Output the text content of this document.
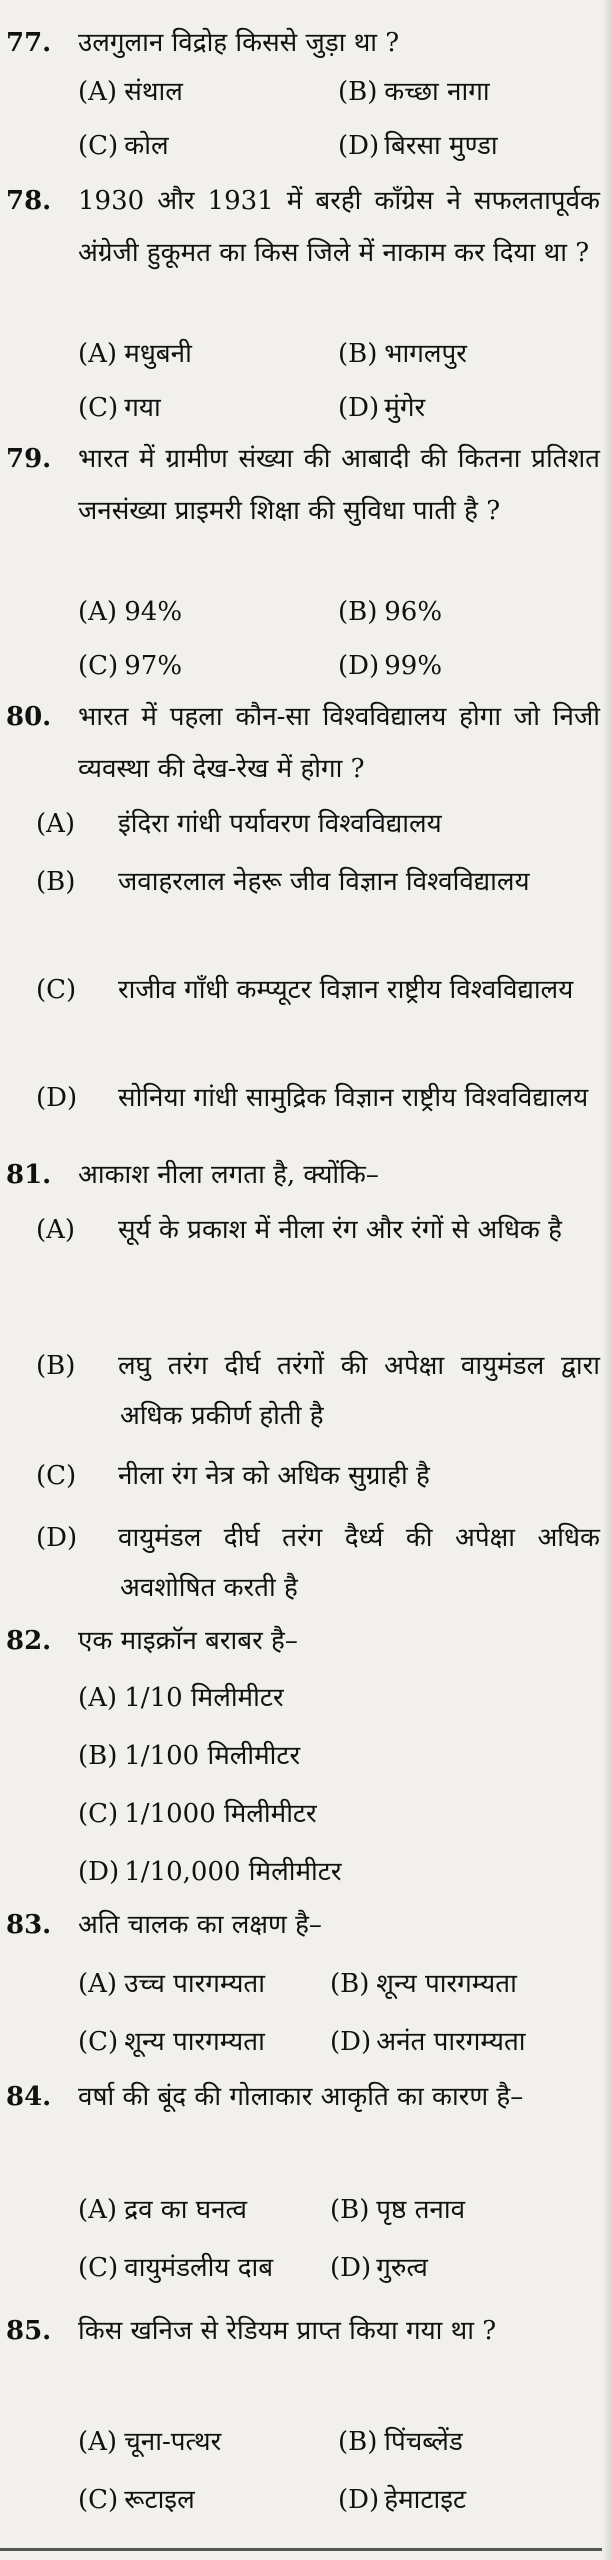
77. उलगुलान विद्रोह किससे जुड़ा था ?
(A) संथाल	(B) कच्छा नागा
(C) कोल	(D) बिरसा मुण्डा
78. 1930 और 1931 में बरही कॉंग्रेस ने सफलतापूर्वक अंग्रेजी हुकूमत का किस जिले में नाकाम कर दिया था ?
(A) मधुबनी	(B) भागलपुर
(C) गया	(D) मुंगेर
79. भारत में ग्रामीण संख्या की आबादी की कितना प्रतिशत जनसंख्या प्राइमरी शिक्षा की सुविधा पाती है ?
(A) 94%	(B) 96%
(C) 97%	(D) 99%
80. भारत में पहला कौन-सा विश्वविद्यालय होगा जो निजी व्यवस्था की देख-रेख में होगा ?
(A) इंदिरा गांधी पर्यावरण विश्वविद्यालय
(B) जवाहरलाल नेहरू जीव विज्ञान विश्वविद्यालय
(C) राजीव गाँधी कम्प्यूटर विज्ञान राष्ट्रीय विश्वविद्यालय
(D) सोनिया गांधी सामुद्रिक विज्ञान राष्ट्रीय विश्वविद्यालय
81. आकाश नीला लगता है, क्योंकि–
(A) सूर्य के प्रकाश में नीला रंग और रंगों से अधिक है
(B) लघु तरंग दीर्घ तरंगों की अपेक्षा वायुमंडल द्वारा अधिक प्रकीर्ण होती है
(C) नीला रंग नेत्र को अधिक सुग्राही है
(D) वायुमंडल दीर्घ तरंग दैर्ध्य की अपेक्षा अधिक अवशोषित करती है
82. एक माइक्रॉन बराबर है–
(A) 1/10 मिलीमीटर
(B) 1/100 मिलीमीटर
(C) 1/1000 मिलीमीटर
(D) 1/10,000 मिलीमीटर
83. अति चालक का लक्षण है–
(A) उच्च पारगम्यता	(B) शून्य पारगम्यता
(C) शून्य पारगम्यता	(D) अनंत पारगम्यता
84. वर्षा की बूंद की गोलाकार आकृति का कारण है–
(A) द्रव का घनत्व	(B) पृष्ठ तनाव
(C) वायुमंडलीय दाब (D) गुरुत्व
85. किस खनिज से रेडियम प्राप्त किया गया था ?
(A) चूना-पत्थर	(B) पिंचब्लेंड
(C) रूटाइल	(D) हेमाटाइट
